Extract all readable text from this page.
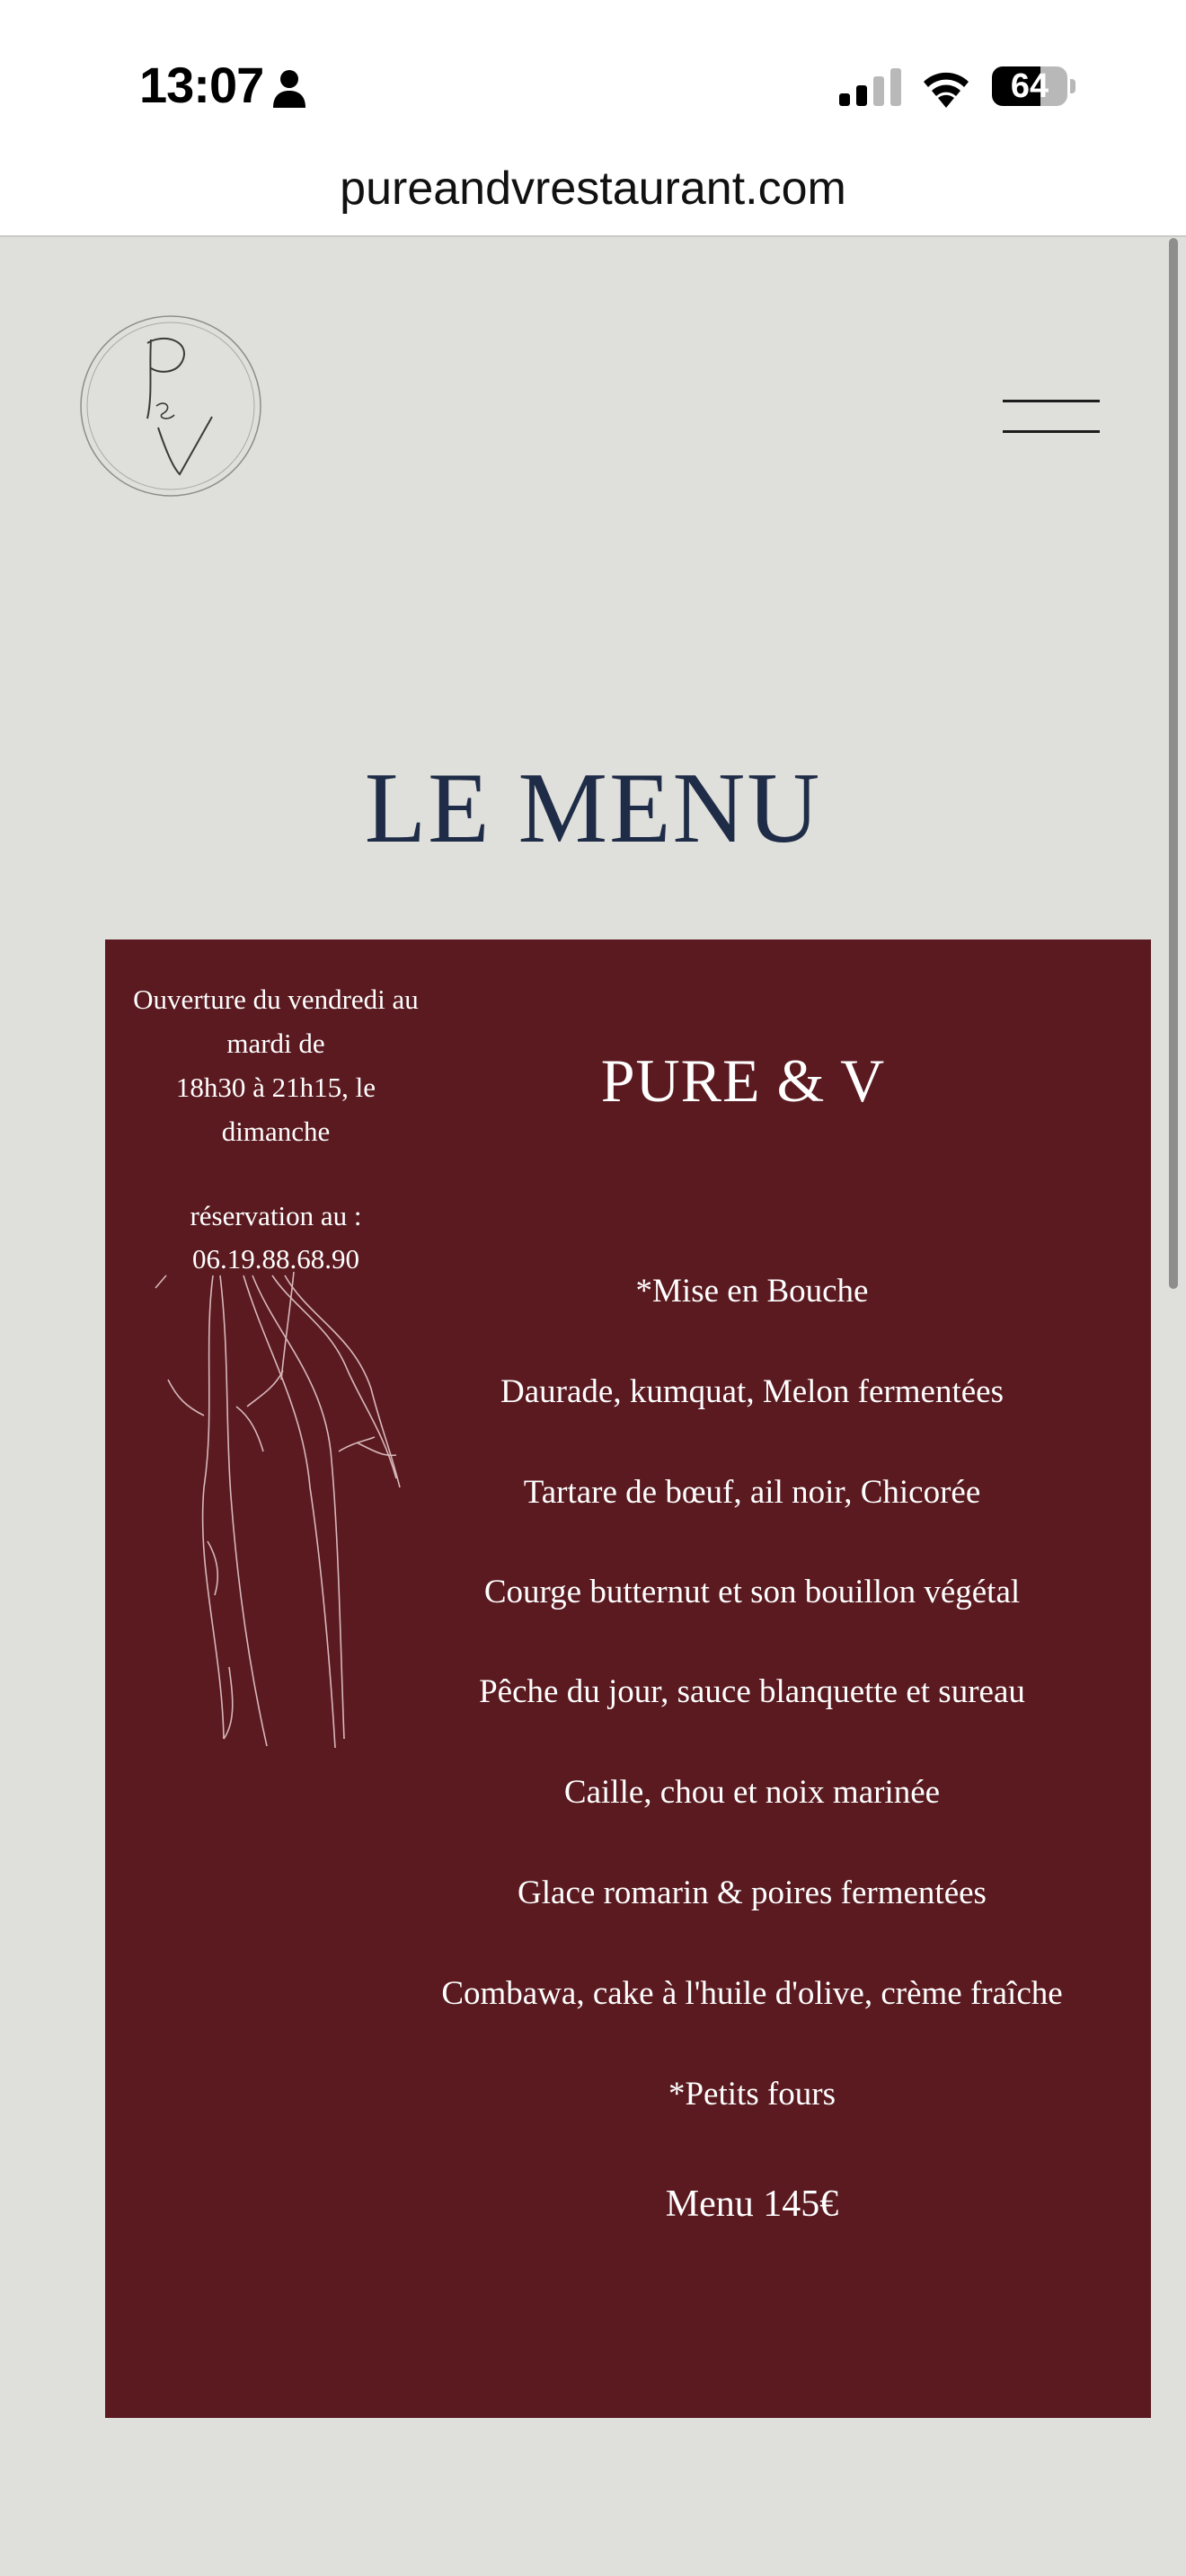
13:07	64
pureandvrestaurant.com
LE MENU
Ouverture du vendredi au
mardi de
18h30 à 21h15, le dimanche
réservation au :
06.19.88.68.90
PURE & V
*Mise en Bouche
Daurade, kumquat, Melon fermentées
Tartare de bœuf, ail noir, Chicorée
Courge butternut et son bouillon végétal
Pêche du jour, sauce blanquette et sureau
Caille, chou et noix marinée
Glace romarin & poires fermentées
Combawa, cake à l'huile d'olive, crème fraîche
*Petits fours
Menu 145€
